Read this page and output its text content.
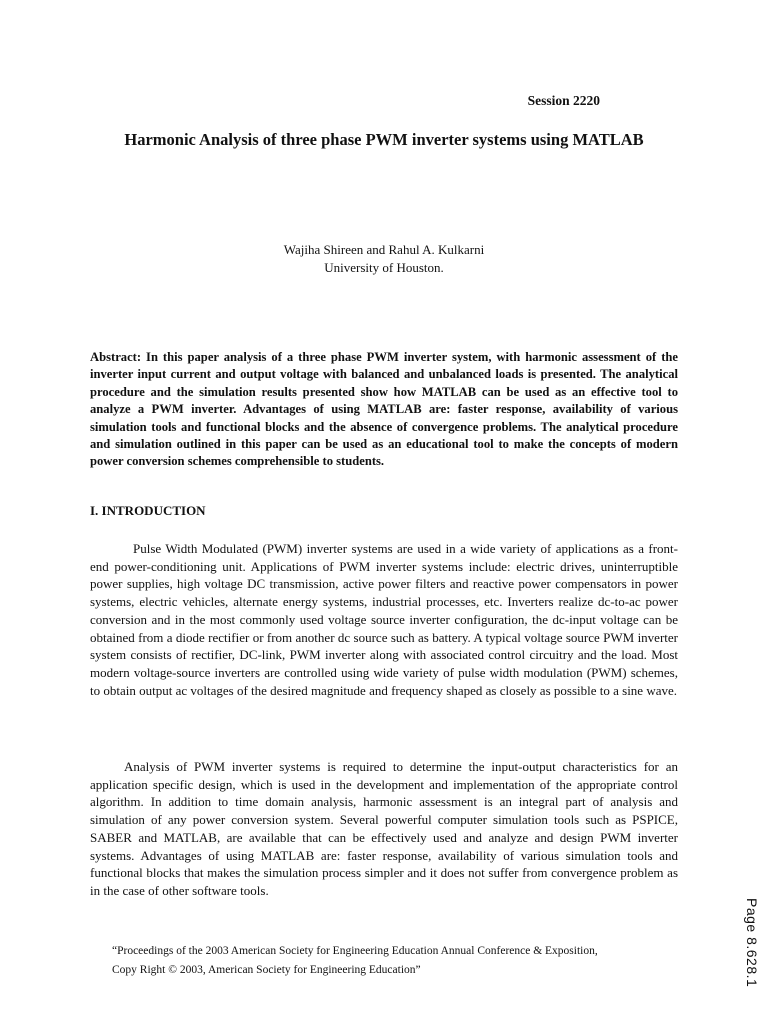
Session 2220
Harmonic Analysis of three phase PWM inverter systems using MATLAB
Wajiha Shireen and Rahul A. Kulkarni
University of Houston.
Abstract: In this paper analysis of a three phase PWM inverter system, with harmonic assessment of the inverter input current and output voltage with balanced and unbalanced loads is presented. The analytical procedure and the simulation results presented show how MATLAB can be used as an effective tool to analyze a PWM inverter. Advantages of using MATLAB are: faster response, availability of various simulation tools and functional blocks and the absence of convergence problems. The analytical procedure and simulation outlined in this paper can be used as an educational tool to make the concepts of modern power conversion schemes comprehensible to students.
I. INTRODUCTION
Pulse Width Modulated (PWM) inverter systems are used in a wide variety of applications as a front-end power-conditioning unit. Applications of PWM inverter systems include: electric drives, uninterruptible power supplies, high voltage DC transmission, active power filters and reactive power compensators in power systems, electric vehicles, alternate energy systems, industrial processes, etc. Inverters realize dc-to-ac power conversion and in the most commonly used voltage source inverter configuration, the dc-input voltage can be obtained from a diode rectifier or from another dc source such as battery. A typical voltage source PWM inverter system consists of rectifier, DC-link, PWM inverter along with associated control circuitry and the load. Most modern voltage-source inverters are controlled using wide variety of pulse width modulation (PWM) schemes, to obtain output ac voltages of the desired magnitude and frequency shaped as closely as possible to a sine wave.
Analysis of PWM inverter systems is required to determine the input-output characteristics for an application specific design, which is used in the development and implementation of the appropriate control algorithm. In addition to time domain analysis, harmonic assessment is an integral part of analysis and simulation of any power conversion system. Several powerful computer simulation tools such as PSPICE, SABER and MATLAB, are available that can be effectively used and analyze and design PWM inverter systems. Advantages of using MATLAB are: faster response, availability of various simulation tools and functional blocks that makes the simulation process simpler and it does not suffer from convergence problem as in the case of other software tools.
“Proceedings of the 2003 American Society for Engineering Education Annual Conference & Exposition,
Copy Right © 2003, American Society for Engineering Education”	Page 8.628.1
